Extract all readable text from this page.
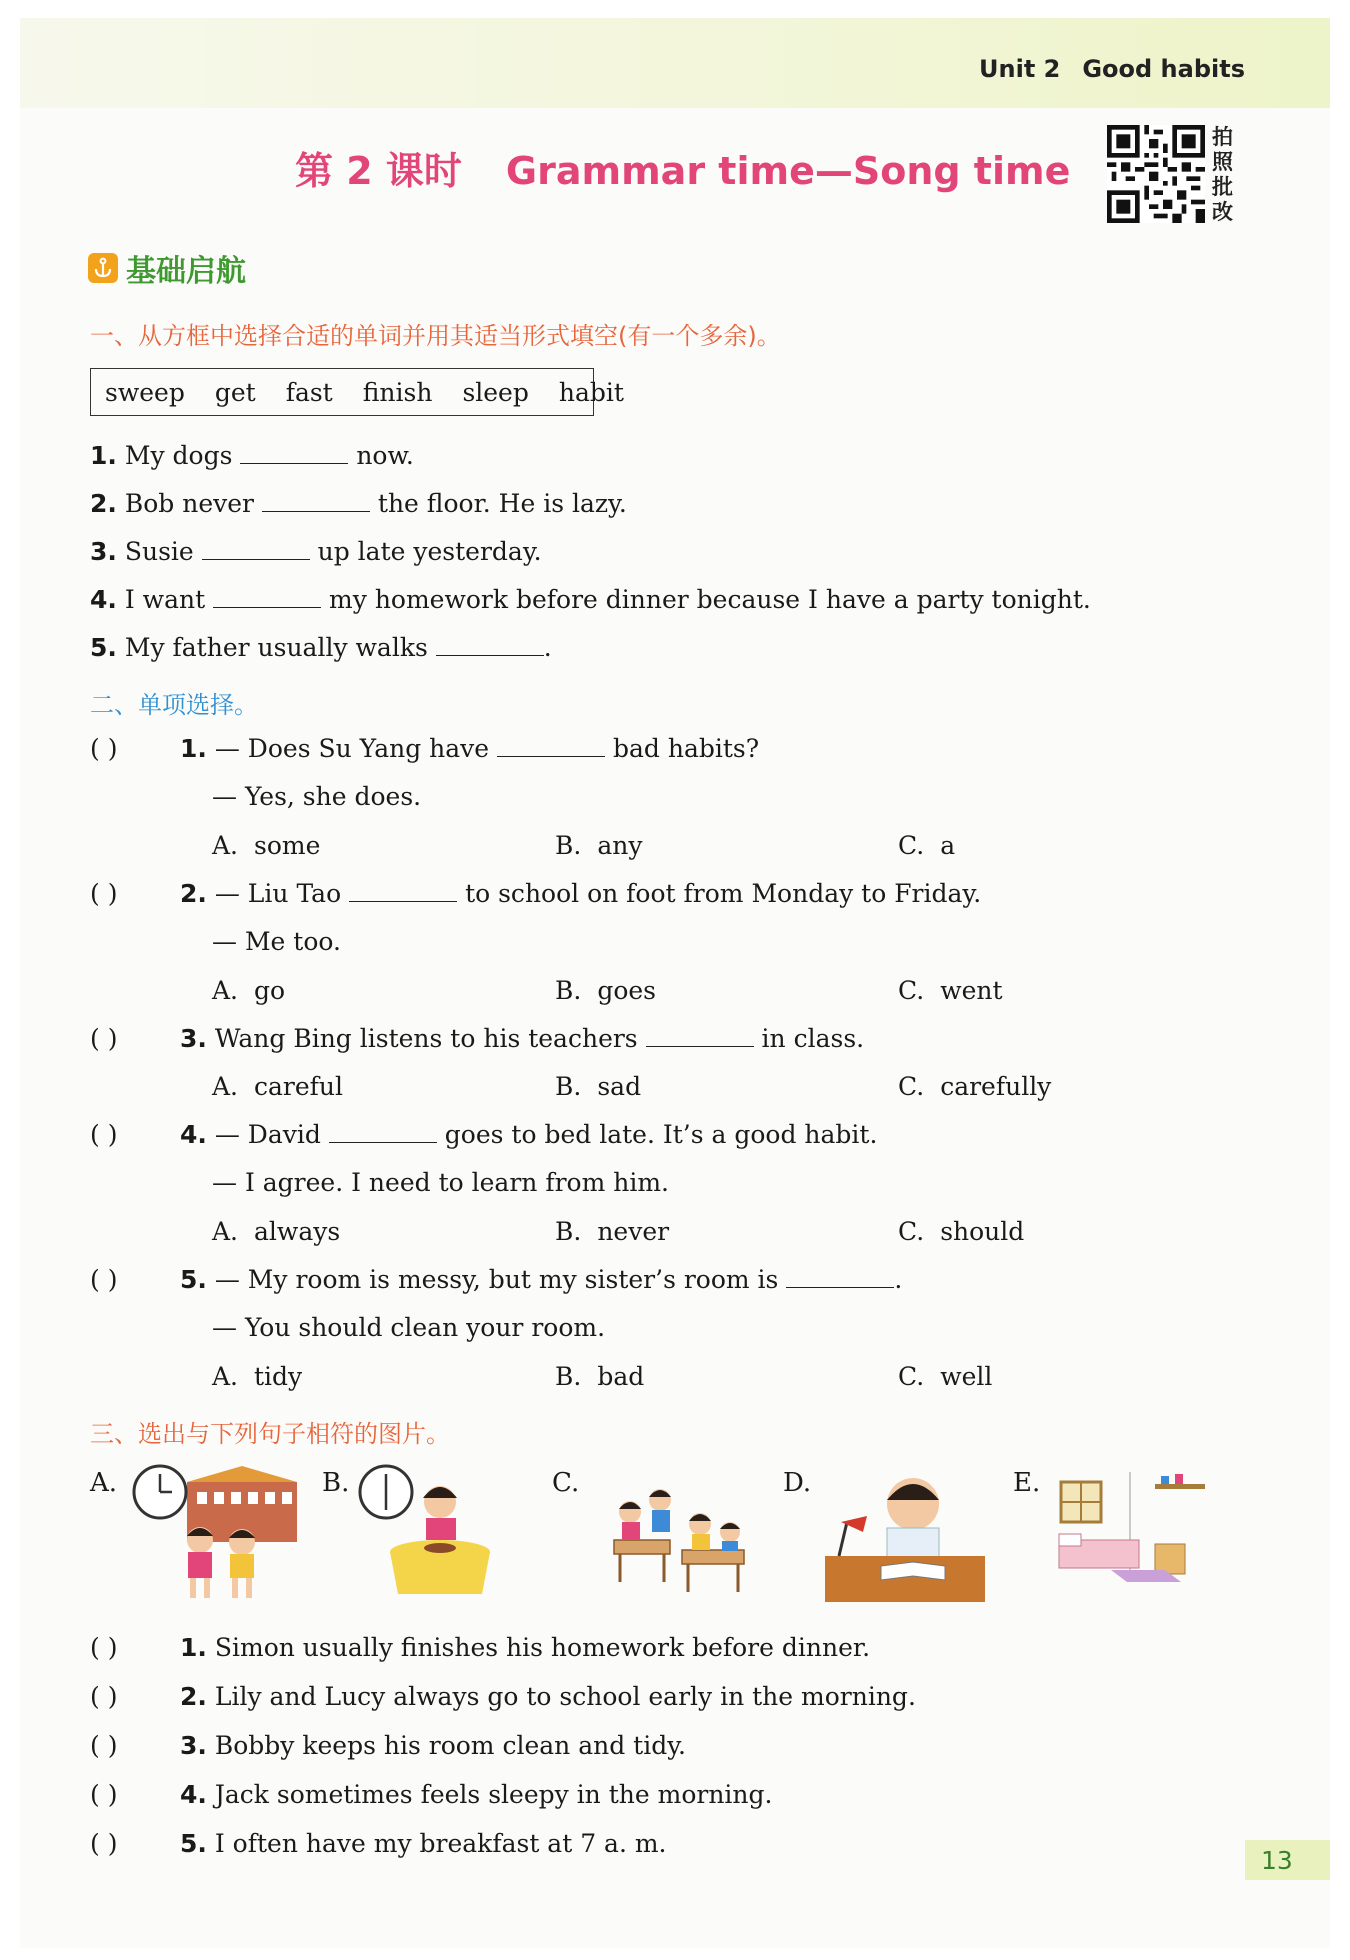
Unit 2 Good habits
第 2 课时 Grammar time—Song time
拍
照
批
改
基础启航
一、从方框中选择合适的单词并用其适当形式填空(有一个多余)。
sweep get fast finish sleep habit
1. My dogs	now.
2. Bob never	the floor. He is lazy.
3. Susie	up late yesterday.
4. I want	my homework before dinner because I have a party tonight.
5. My father usually walks	.
二、单项选择。
( )	1. — Does Su Yang have	bad habits?
— Yes, she does.
A. some	B. any	C. a
( )	2. — Liu Tao	to school on foot from Monday to Friday.
— Me too.
A. go	B. goes	C. went
( )	3. Wang Bing listens to his teachers	in class.
A. careful	B. sad	C. carefully
( )	4. — David	goes to bed late. It’s a good habit.
— I agree. I need to learn from him.
A. always	B. never	C. should
( )	5. — My room is messy, but my sister’s room is	.
— You should clean your room.
A. tidy	B. bad	C. well
三、选出与下列句子相符的图片。
A.	B.	C.	D.	E.
( )	1. Simon usually finishes his homework before dinner.
( )	2. Lily and Lucy always go to school early in the morning.
( )	3. Bobby keeps his room clean and tidy.
( )	4. Jack sometimes feels sleepy in the morning.
( )	5. I often have my breakfast at 7 a. m.
13
